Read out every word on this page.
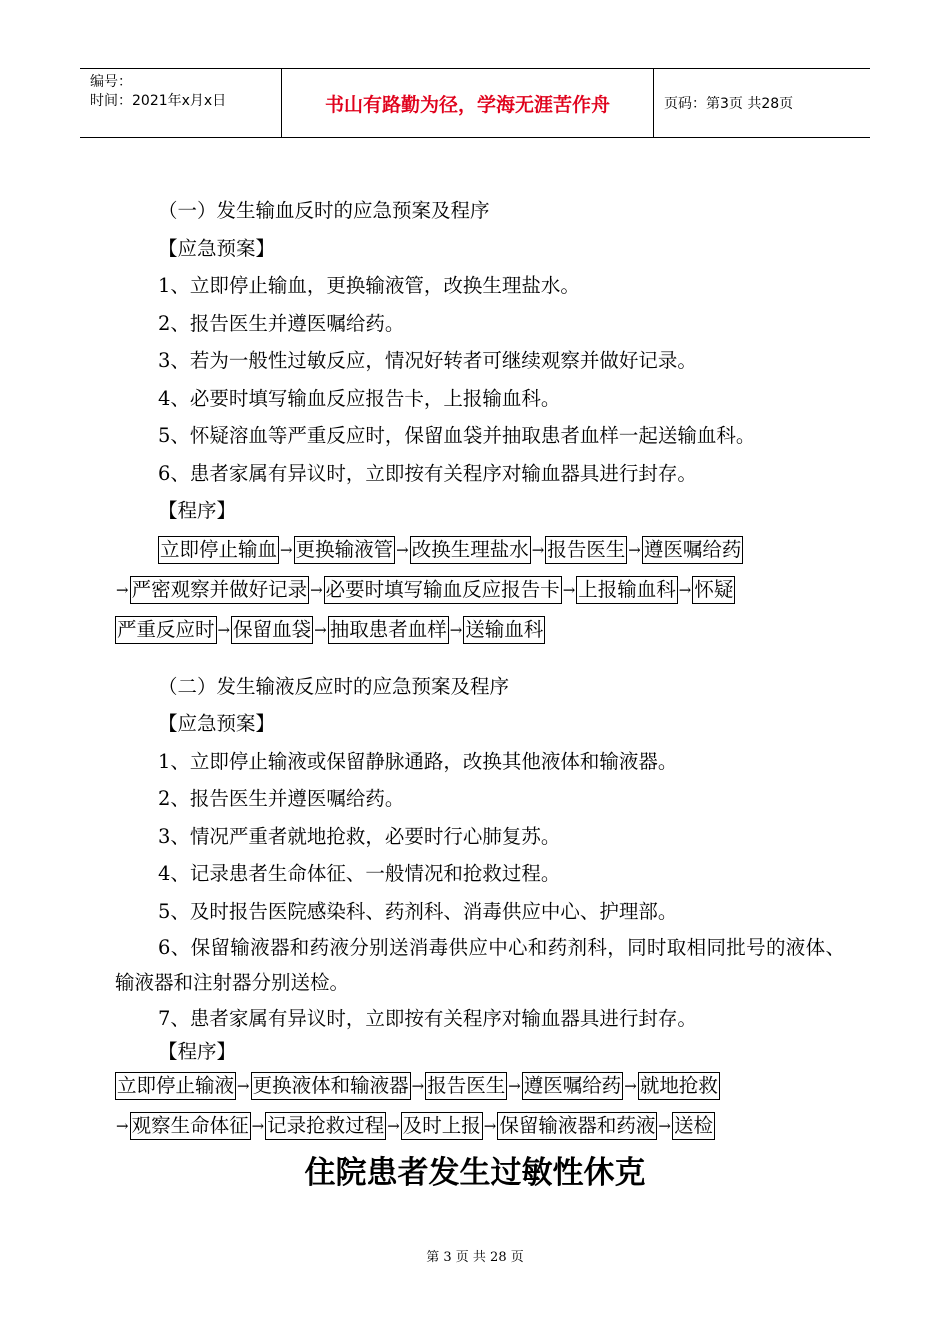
编号：
时间：2021年x月x日	书山有路勤为径，学海无涯苦作舟	页码：第3页 共28页
（一）发生输血反时的应急预案及程序
【应急预案】
1、立即停止输血，更换输液管，改换生理盐水。
2、报告医生并遵医嘱给药。
3、若为一般性过敏反应，情况好转者可继续观察并做好记录。
4、必要时填写输血反应报告卡，上报输血科。
5、怀疑溶血等严重反应时，保留血袋并抽取患者血样一起送输血科。
6、患者家属有异议时，立即按有关程序对输血器具进行封存。
【程序】
立即停止输血 → 更换输液管 → 改换生理盐水 → 报告医生 → 遵医嘱给药
→ 严密观察并做好记录 → 必要时填写输血反应报告卡 → 上报输血科 → 怀疑
严重反应时 → 保留血袋 → 抽取患者血样 → 送输血科
（二）发生输液反应时的应急预案及程序
【应急预案】
1、立即停止输液或保留静脉通路，改换其他液体和输液器。
2、报告医生并遵医嘱给药。
3、情况严重者就地抢救，必要时行心肺复苏。
4、记录患者生命体征、一般情况和抢救过程。
5、及时报告医院感染科、药剂科、消毒供应中心、护理部。
6、保留输液器和药液分别送消毒供应中心和药剂科，同时取相同批号的液体、输液器和注射器分别送检。
7、患者家属有异议时，立即按有关程序对输血器具进行封存。
【程序】
立即停止输液 → 更换液体和输液器 → 报告医生 → 遵医嘱给药 → 就地抢救
→ 观察生命体征 → 记录抢救过程 → 及时上报 → 保留输液器和药液 → 送检
住院患者发生过敏性休克
第 3 页 共 28 页
